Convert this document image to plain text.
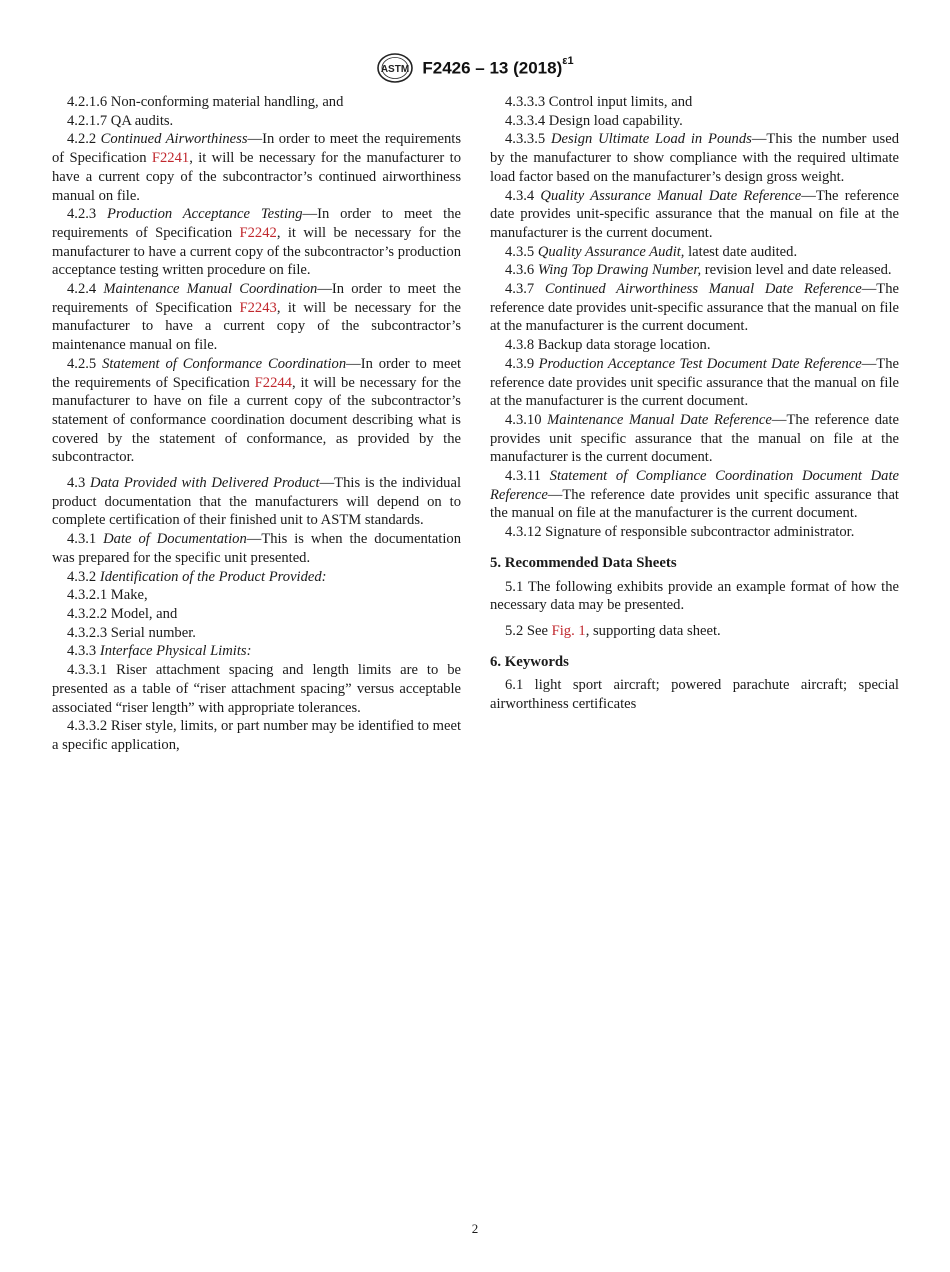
ASTM F2426 – 13 $(2018)^{\varepsilon 1}$

4.2.1.6 Non-conforming material handling, and

4.2.1.7 QA audits.

4.2.2 Continued Airworthiness—In order to meet the requirements of Specification F2241, it will be necessary for the manufacturer to have a current copy of the subcontractor’s continued airworthiness manual on file.

4.2.3 Production Acceptance Testing—In order to meet the requirements of Specification F2242, it will be necessary for the manufacturer to have a current copy of the subcontractor’s production acceptance testing written procedure on file.

4.2.4 Maintenance Manual Coordination—In order to meet the requirements of Specification F2243, it will be necessary for the manufacturer to have a current copy of the subcontractor’s maintenance manual on file.

4.2.5 Statement of Conformance Coordination—In order to meet the requirements of Specification F2244, it will be necessary for the manufacturer to have on file a current copy of the subcontractor’s statement of conformance coordination document describing what is covered by the statement of conformance, as provided by the subcontractor.

4.3 Data Provided with Delivered Product—This is the individual product documentation that the manufacturers will depend on to complete certification of their finished unit to ASTM standards.

4.3.1 Date of Documentation—This is when the documentation was prepared for the specific unit presented.

4.3.2 Identification of the Product Provided:

4.3.2.1 Make,

4.3.2.2 Model, and

4.3.2.3 Serial number.

4.3.3 Interface Physical Limits:

4.3.3.1 Riser attachment spacing and length limits are to be presented as a table of “riser attachment spacing” versus acceptable associated “riser length” with appropriate tolerances.

4.3.3.2 Riser style, limits, or part number may be identified to meet a specific application,

4.3.3.3 Control input limits, and

4.3.3.4 Design load capability.

4.3.3.5 Design Ultimate Load in Pounds—This the number used by the manufacturer to show compliance with the required ultimate load factor based on the manufacturer’s design gross weight.

4.3.4 Quality Assurance Manual Date Reference—The reference date provides unit-specific assurance that the manual on file at the manufacturer is the current document.

4.3.5 Quality Assurance Audit, latest date audited.

4.3.6 Wing Top Drawing Number, revision level and date released.

4.3.7 Continued Airworthiness Manual Date Reference—The reference date provides unit-specific assurance that the manual on file at the manufacturer is the current document.

4.3.8 Backup data storage location.

4.3.9 Production Acceptance Test Document Date Reference—The reference date provides unit specific assurance that the manual on file at the manufacturer is the current document.

4.3.10 Maintenance Manual Date Reference—The reference date provides unit specific assurance that the manual on file at the manufacturer is the current document.

4.3.11 Statement of Compliance Coordination Document Date Reference—The reference date provides unit specific assurance that the manual on file at the manufacturer is the current document.

4.3.12 Signature of responsible subcontractor administrator.

5. Recommended Data Sheets

5.1 The following exhibits provide an example format of how the necessary data may be presented.

5.2 See Fig. 1, supporting data sheet.

6. Keywords

6.1 light sport aircraft; powered parachute aircraft; special airworthiness certificates

2
